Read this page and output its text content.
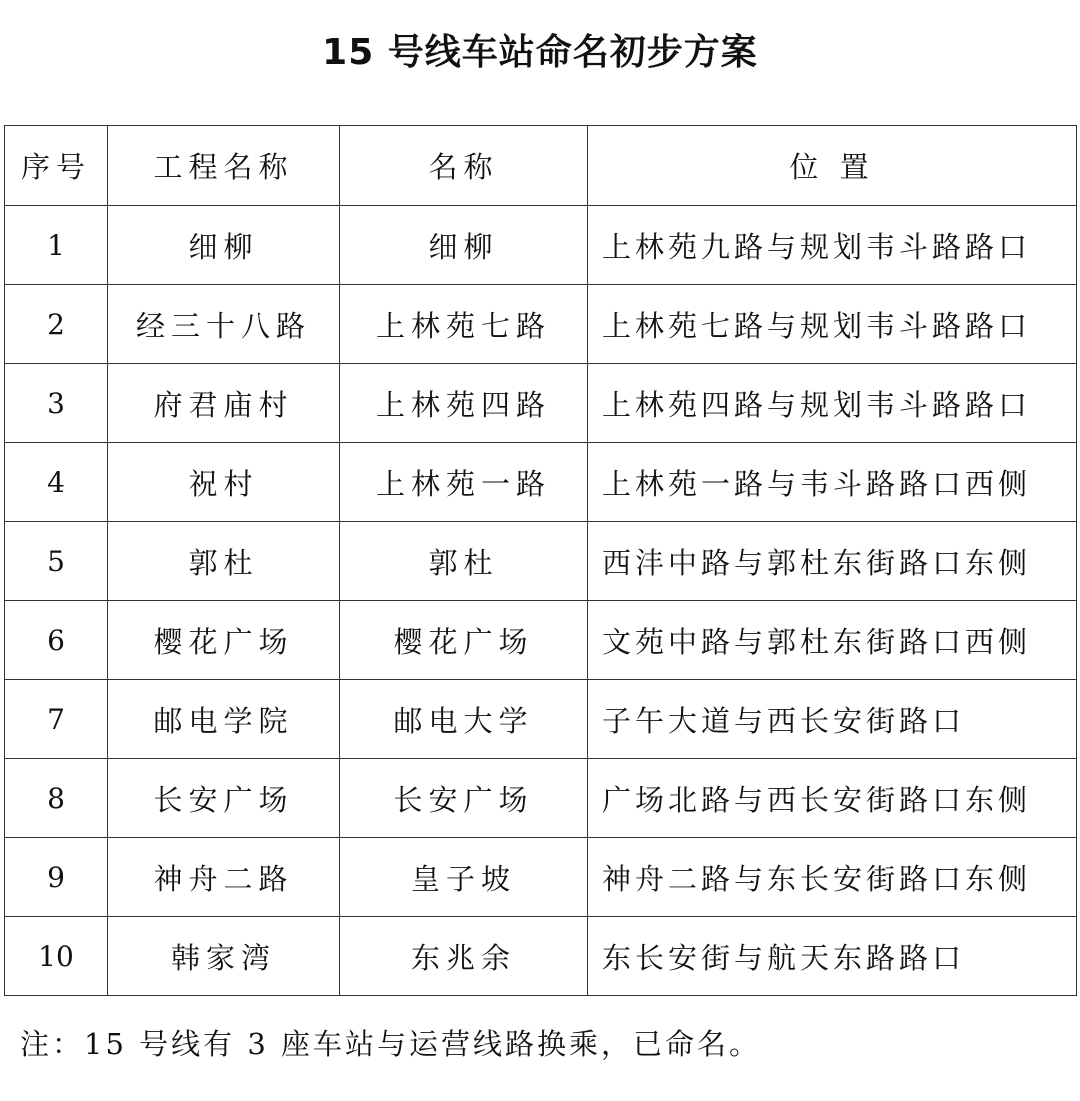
15 号线车站命名初步方案
序号	工程名称	名称	位 置
1	细柳	细柳	上林苑九路与规划韦斗路路口
2	经三十八路	上林苑七路	上林苑七路与规划韦斗路路口
3	府君庙村	上林苑四路	上林苑四路与规划韦斗路路口
4	祝村	上林苑一路	上林苑一路与韦斗路路口西侧
5	郭杜	郭杜	西沣中路与郭杜东街路口东侧
6	樱花广场	樱花广场	文苑中路与郭杜东街路口西侧
7	邮电学院	邮电大学	子午大道与西长安街路口
8	长安广场	长安广场	广场北路与西长安街路口东侧
9	神舟二路	皇子坡	神舟二路与东长安街路口东侧
10	韩家湾	东兆余	东长安街与航天东路路口
注：15 号线有 3 座车站与运营线路换乘，已命名。
